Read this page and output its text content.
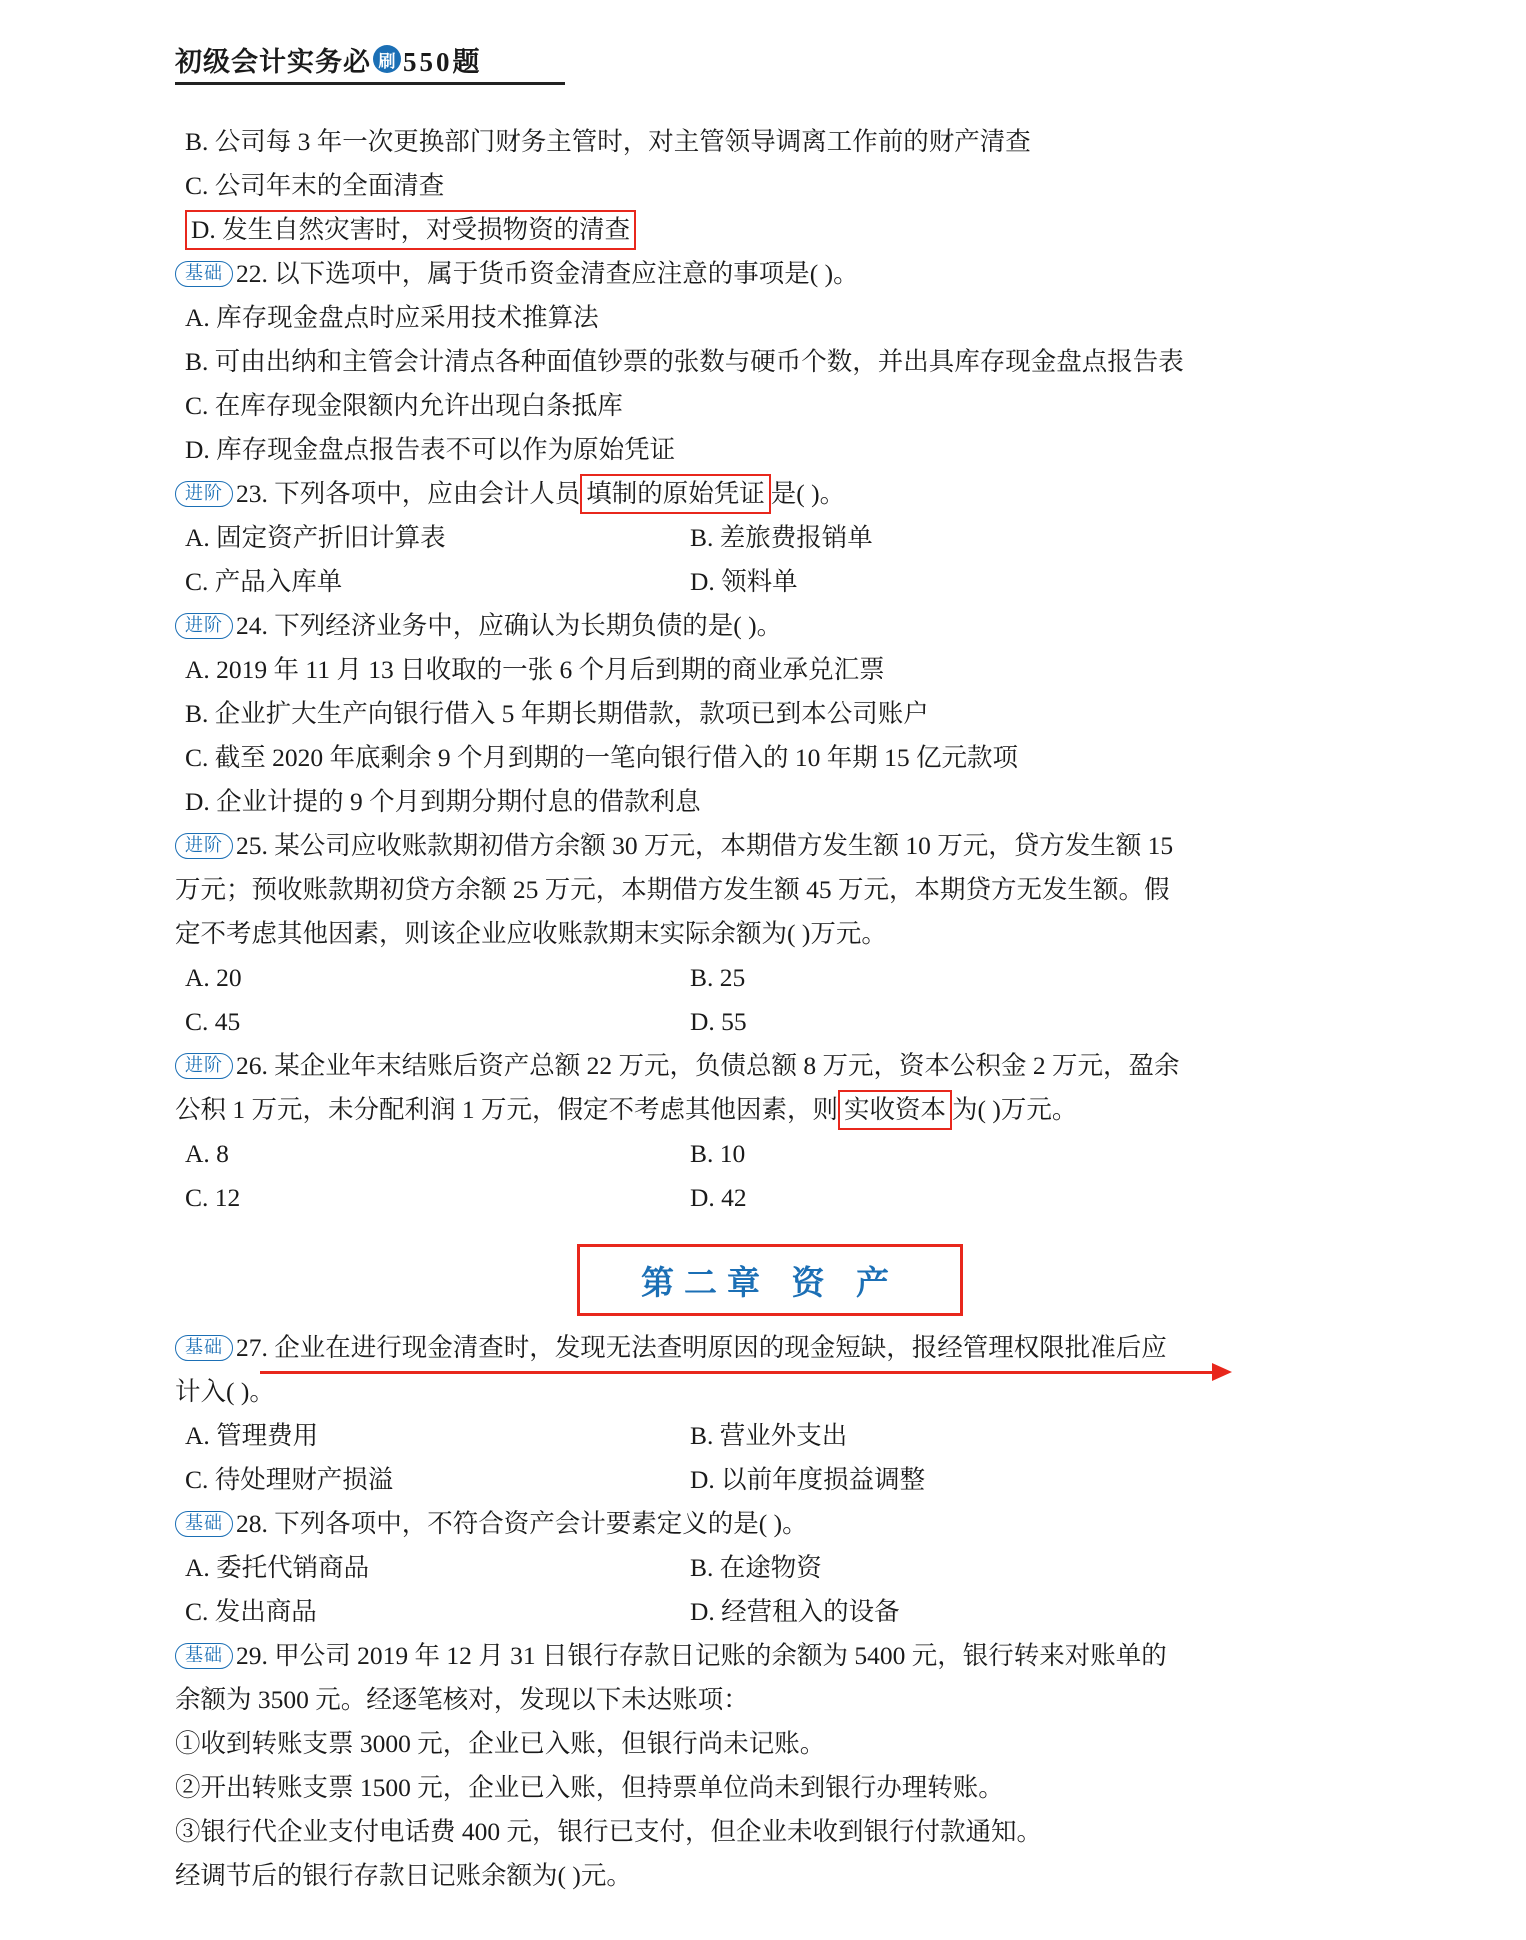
初级会计实务必 刷 550题
B. 公司每 3 年一次更换部门财务主管时，对主管领导调离工作前的财产清查
C. 公司年末的全面清查
D. 发生自然灾害时，对受损物资的清查
基础 22. 以下选项中，属于货币资金清查应注意的事项是( )。
A. 库存现金盘点时应采用技术推算法
B. 可由出纳和主管会计清点各种面值钞票的张数与硬币个数，并出具库存现金盘点报告表
C. 在库存现金限额内允许出现白条抵库
D. 库存现金盘点报告表不可以作为原始凭证
进阶 23. 下列各项中，应由会计人员 填制的原始凭证 是( )。
A. 固定资产折旧计算表	B. 差旅费报销单
C. 产品入库单	D. 领料单
进阶 24. 下列经济业务中，应确认为长期负债的是( )。
A. 2019 年 11 月 13 日收取的一张 6 个月后到期的商业承兑汇票
B. 企业扩大生产向银行借入 5 年期长期借款，款项已到本公司账户
C. 截至 2020 年底剩余 9 个月到期的一笔向银行借入的 10 年期 15 亿元款项
D. 企业计提的 9 个月到期分期付息的借款利息
进阶 25. 某公司应收账款期初借方余额 30 万元，本期借方发生额 10 万元，贷方发生额 15
万元；预收账款期初贷方余额 25 万元，本期借方发生额 45 万元，本期贷方无发生额。假
定不考虑其他因素，则该企业应收账款期末实际余额为( )万元。
A. 20	B. 25
C. 45	D. 55
进阶 26. 某企业年末结账后资产总额 22 万元，负债总额 8 万元，资本公积金 2 万元，盈余
公积 1 万元，未分配利润 1 万元，假定不考虑其他因素，则 实收资本 为( )万元。
A. 8	B. 10
C. 12	D. 42
第二章 资 产
基础 27. 企业在进行现金清查时，发现无法查明原因的现金短缺，报经管理权限批准后应
计入( )。
A. 管理费用	B. 营业外支出
C. 待处理财产损溢	D. 以前年度损益调整
基础 28. 下列各项中，不符合资产会计要素定义的是( )。
A. 委托代销商品	B. 在途物资
C. 发出商品	D. 经营租入的设备
基础 29. 甲公司 2019 年 12 月 31 日银行存款日记账的余额为 5400 元，银行转来对账单的
余额为 3500 元。经逐笔核对，发现以下未达账项：
①收到转账支票 3000 元，企业已入账，但银行尚未记账。
②开出转账支票 1500 元，企业已入账，但持票单位尚未到银行办理转账。
③银行代企业支付电话费 400 元，银行已支付，但企业未收到银行付款通知。
经调节后的银行存款日记账余额为( )元。
